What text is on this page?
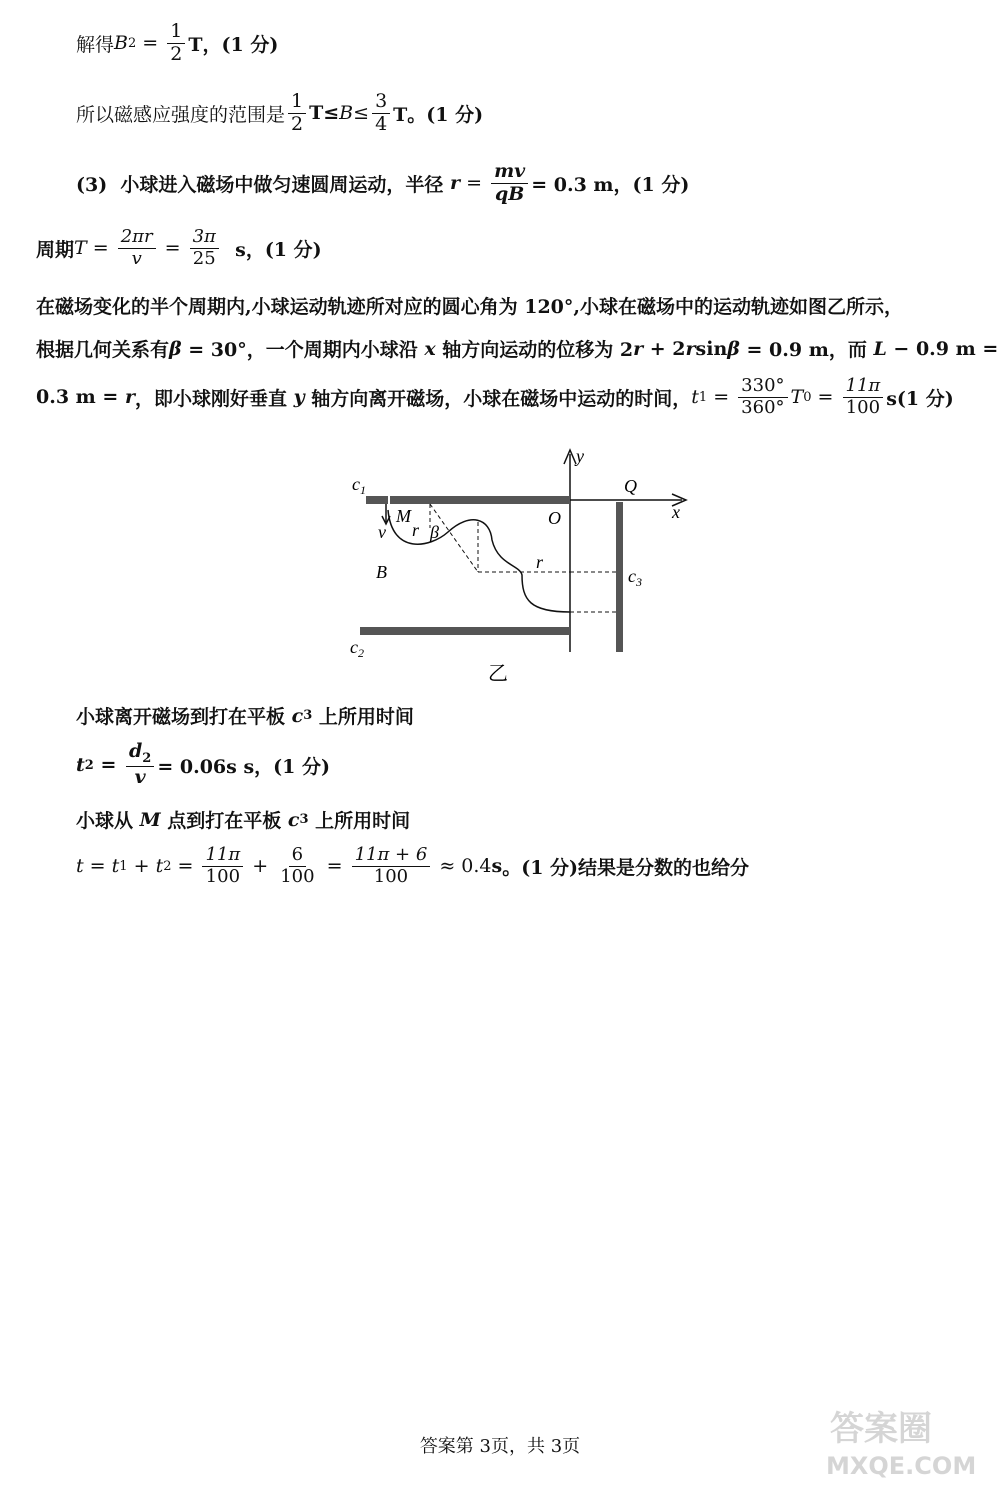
解得 B $2 = \frac{1}{2}$ T，(1 分)
所以磁感应强度的范围是 $\frac{1}{2} T\le B \le \frac{3}{4}$ T。(1 分)
(3)  小球进入磁场中做匀速圆周运动，半径 $r = \frac{mv}{qB} = 0.3$ m，(1 分)
周期 $T = \frac{2\pi r}{v} = \frac{3\pi}{25}$ s，(1 分)
在磁场变化的半个周期内,小球运动轨迹所对应的圆心角为 120°,小球在磁场中的运动轨迹如图乙所示，
根据几何关系有 β = 30°，一个周期内小球沿 x 轴方向运动的位移为 2 r + 2 r sin β = 0.9 m，而 L − 0.9 m =
0.3 m = r ，即小球刚好垂直 y 轴方向离开磁场，小球在磁场中运动的时间， t $1 = \frac{330^\circ}{360^\circ}$ T $0 = \frac{11\pi}{100} s(1$ 分)
$c_1$
$c_2$
$c_3$
M
v r β
O
Q
x
y
B	r
乙
小球离开磁场到打在平板 c 3 上所用时间
t $2 = \frac{d_2}{v} = 0.06s$ s，(1 分)
小球从 M 点到打在平板 c 3 上所用时间
t = t 1 + t $2 = \frac{11\pi}{100} + \frac{6}{100} = \frac{11\pi + 6}{100} \approx 0.4$ s 。(1 分)结果是分数的也给分
答案第 3页，共 3页	答案圈
MXQE.COM
